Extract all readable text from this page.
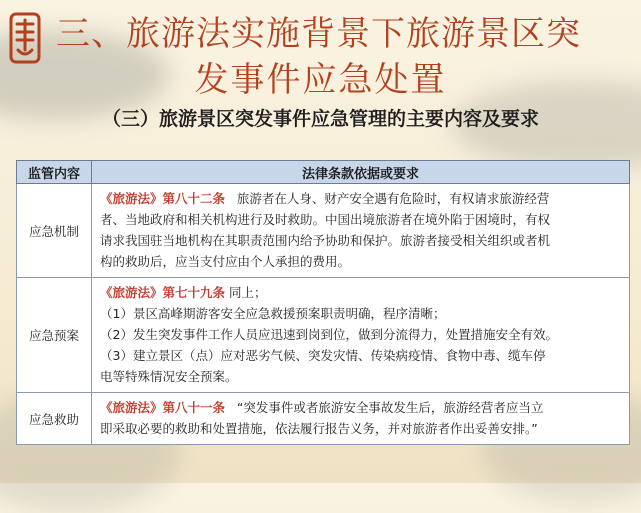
三、旅游法实施背景下旅游景区突
发事件应急处置
（三）旅游景区突发事件应急管理的主要内容及要求
监管内容	法律条款依据或要求
应急机制	《旅游法》第八十二条   旅游者在人身、财产安全遇有危险时，有权请求旅游经营
者、当地政府和相关机构进行及时救助。中国出境旅游者在境外陷于困境时，有权
请求我国驻当地机构在其职责范围内给予协助和保护。旅游者接受相关组织或者机
构的救助后，应当支付应由个人承担的费用。

应急预案	《旅游法》第七十九条 同上；
（1）景区高峰期游客安全应急救援预案职责明确，程序清晰；
（2）发生突发事件工作人员应迅速到岗到位，做到分流得力，处置措施安全有效。
（3）建立景区（点）应对恶劣气候、突发灾情、传染病疫情、食物中毒、缆车停
电等特殊情况安全预案。

应急救助	《旅游法》第八十一条   “突发事件或者旅游安全事故发生后，旅游经营者应当立
即采取必要的救助和处置措施，依法履行报告义务，并对旅游者作出妥善安排。”
